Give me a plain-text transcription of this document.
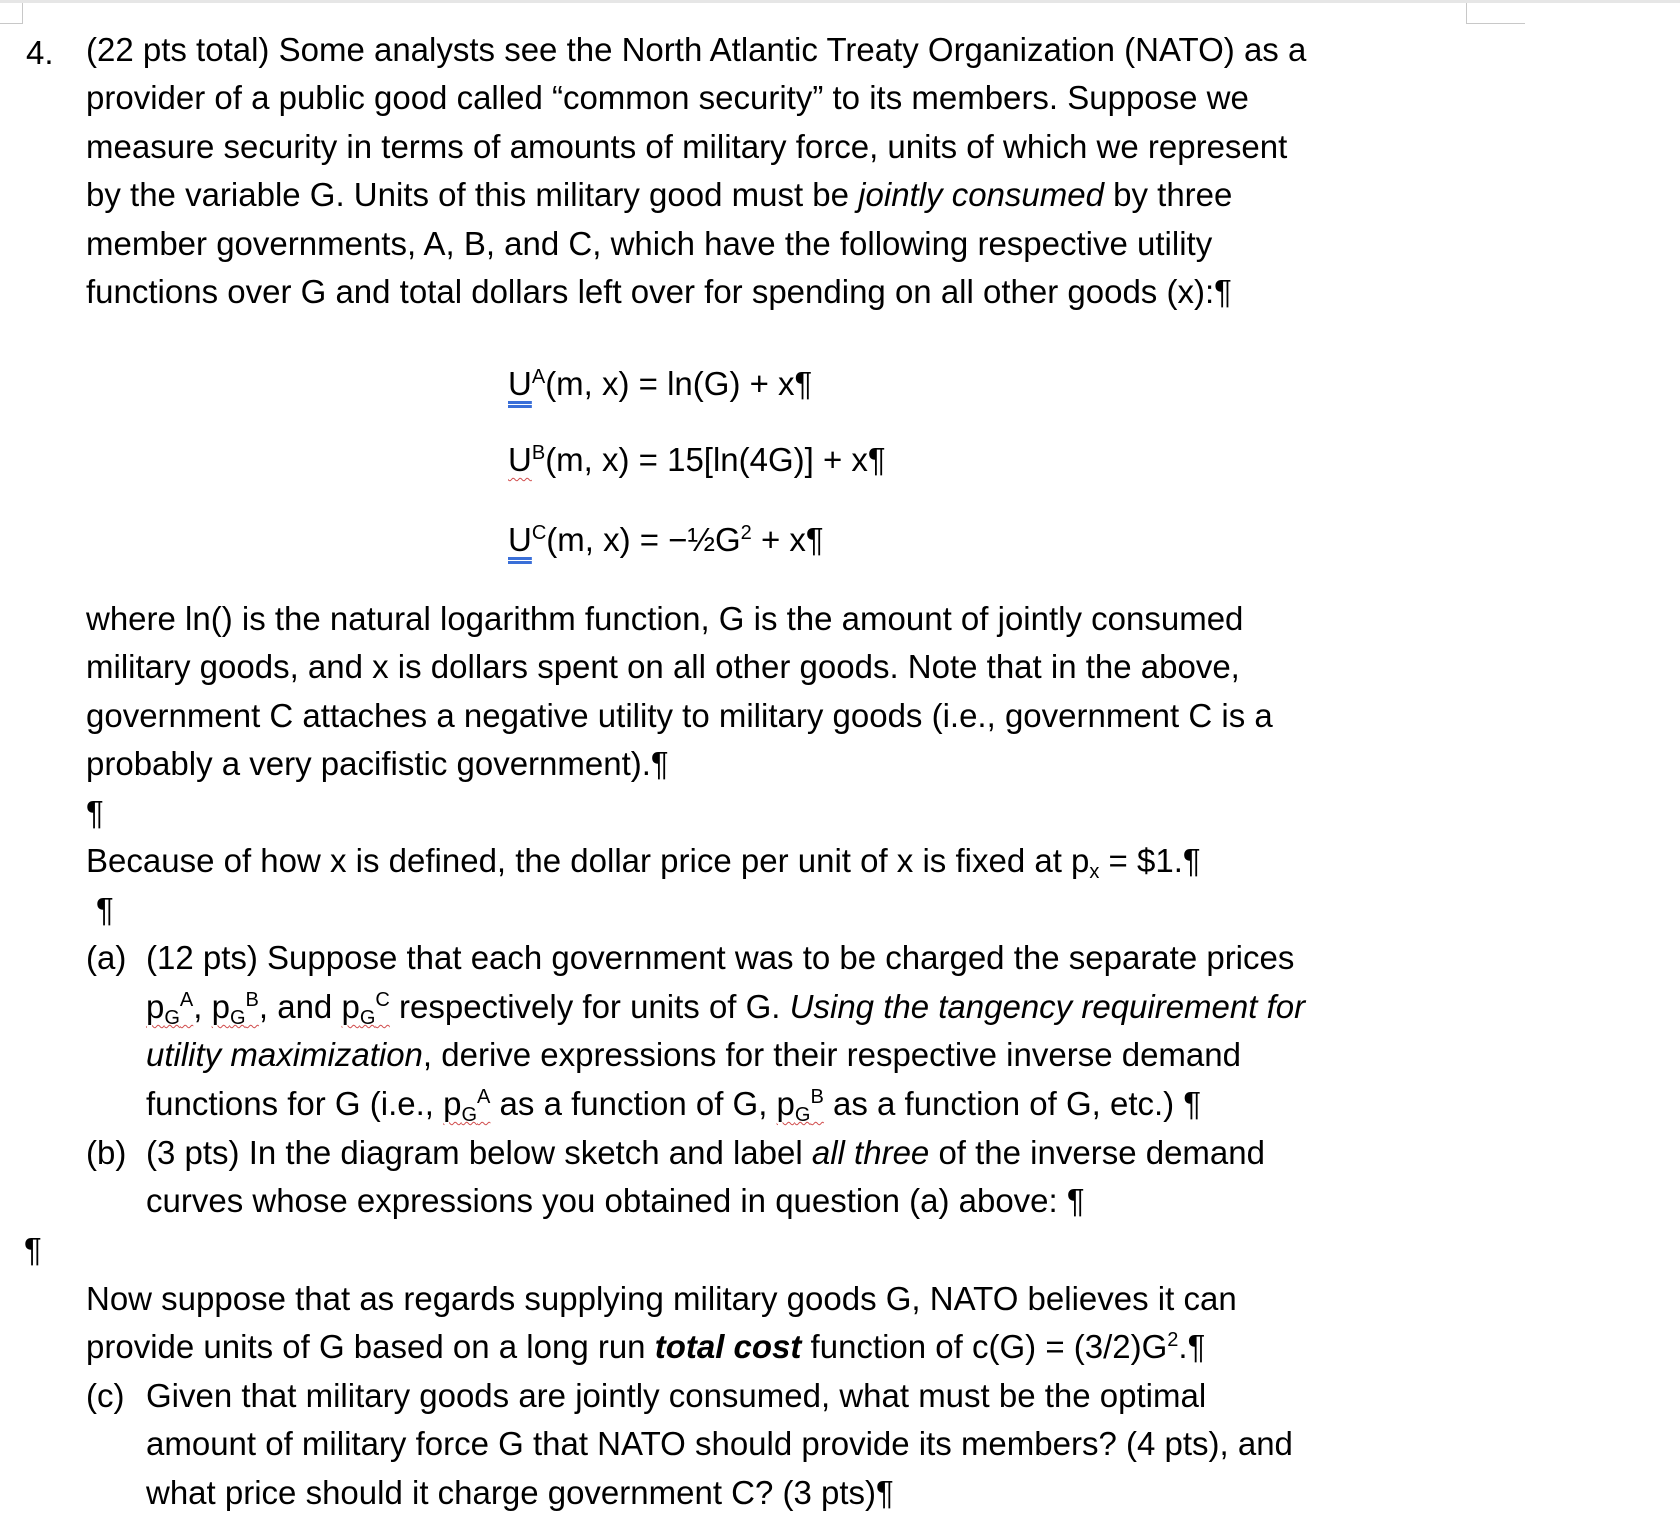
4. (22 pts total) Some analysts see the North Atlantic Treaty Organization (NATO) as a
provider of a public good called “common security” to its members. Suppose we
measure security in terms of amounts of military force, units of which we represent
by the variable G. Units of this military good must be jointly consumed by three
member governments, A, B, and C, which have the following respective utility
functions over G and total dollars left over for spending on all other goods (x):¶
$U^A(m$, x) = ln(G) + x¶
$U^B(m$, x) = 15[ln(4G)] + x¶
$U^C(m$, $x) = -\frac{1}{2}G^2$ + x¶
where ln() is the natural logarithm function, G is the amount of jointly consumed
military goods, and x is dollars spent on all other goods. Note that in the above,
government C attaches a negative utility to military goods (i.e., government C is a
probably a very pacifistic government).¶
¶
Because of how x is defined, the dollar price per unit of x is fixed at $p_x$ = $1.¶
¶
(a) (12 pts) Suppose that each government was to be charged the separate prices
$p_G^A$, $p_G^B$, and $p_G^C$ respectively for units of G. Using the tangency requirement for
utility maximization, derive expressions for their respective inverse demand
functions for G (i.e., $p_G^A$ as a function of G, $p_G^B$ as a function of G, etc.) ¶
(b) (3 pts) In the diagram below sketch and label all three of the inverse demand
curves whose expressions you obtained in question (a) above: ¶
¶
Now suppose that as regards supplying military goods G, NATO believes it can
provide units of G based on a long run total cost function of $c(G) = (3/2)G^2.\P$
(c) Given that military goods are jointly consumed, what must be the optimal
amount of military force G that NATO should provide its members? (4 pts), and
what price should it charge government C? (3 pts)¶
